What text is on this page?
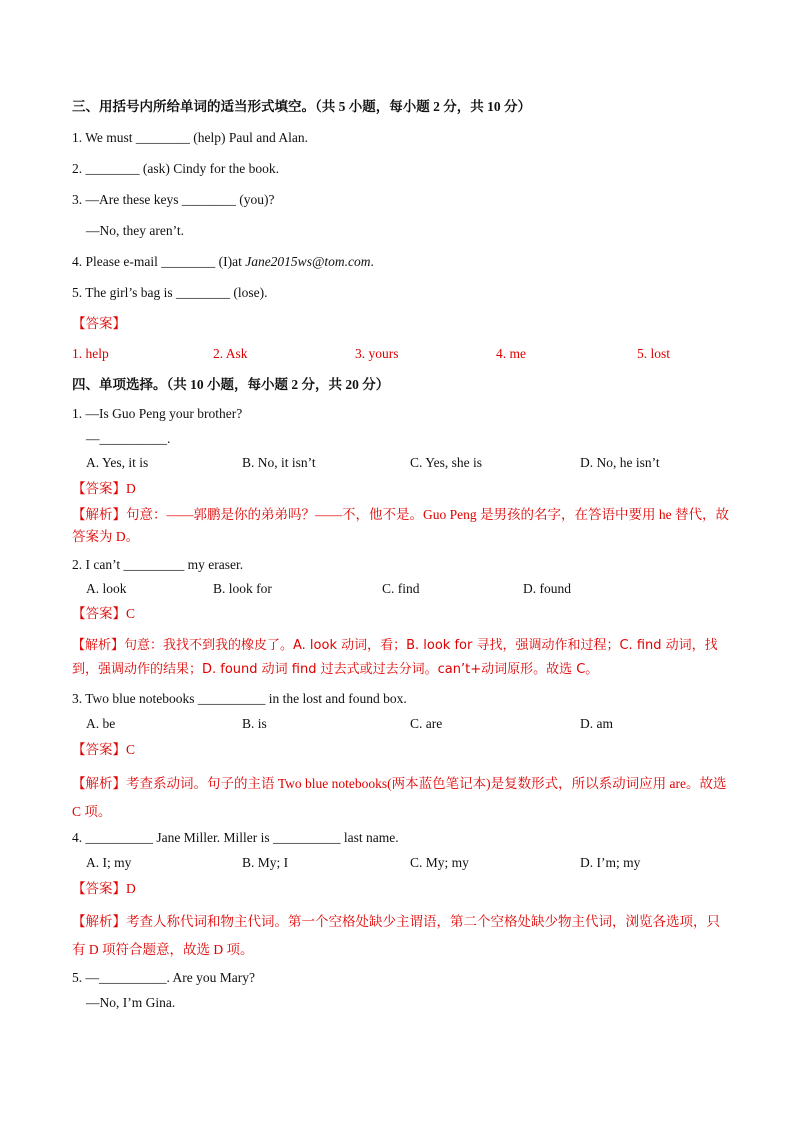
三、用括号内所给单词的适当形式填空。（共 5 小题，每小题 2 分，共 10 分）
1. We must ________ (help) Paul and Alan.
2. ________ (ask) Cindy for the book.
3. —Are these keys ________ (you)?
—No, they aren’t.
4. Please e-mail ________ (I)at Jane2015ws@tom.com.
5. The girl’s bag is ________ (lose).
【答案】
1. help	2. Ask	3. yours	4. me	5. lost
四、单项选择。（共 10 小题，每小题 2 分，共 20 分）
1. —Is Guo Peng your brother?
—__________.
A. Yes, it is	B. No, it isn’t	C. Yes, she is	D. No, he isn’t
【答案】D
【解析】句意：——郭鹏是你的弟弟吗？——不，他不是。Guo Peng 是男孩的名字，在答语中要用 he 替代，故答案为 D。
2. I can’t _________ my eraser.
A. look	B. look for	C. find	D. found
【答案】C
【解析】句意：我找不到我的橡皮了。A. look 动词，看；B. look for 寻找，强调动作和过程；C. find 动词，找到，强调动作的结果；D. found 动词 find 过去式或过去分词。can’t+动词原形。故选 C。
3. Two blue notebooks __________ in the lost and found box.
A. be	B. is	C. are	D. am
【答案】C
【解析】考查系动词。句子的主语 Two blue notebooks(两本蓝色笔记本)是复数形式，所以系动词应用 are。故选 C 项。
4. __________ Jane Miller. Miller is __________ last name.
A. I; my	B. My; I	C. My; my	D. I’m; my
【答案】D
【解析】考查人称代词和物主代词。第一个空格处缺少主谓语，第二个空格处缺少物主代词，浏览各选项，只有 D 项符合题意，故选 D 项。
5. —__________. Are you Mary?
—No, I’m Gina.
